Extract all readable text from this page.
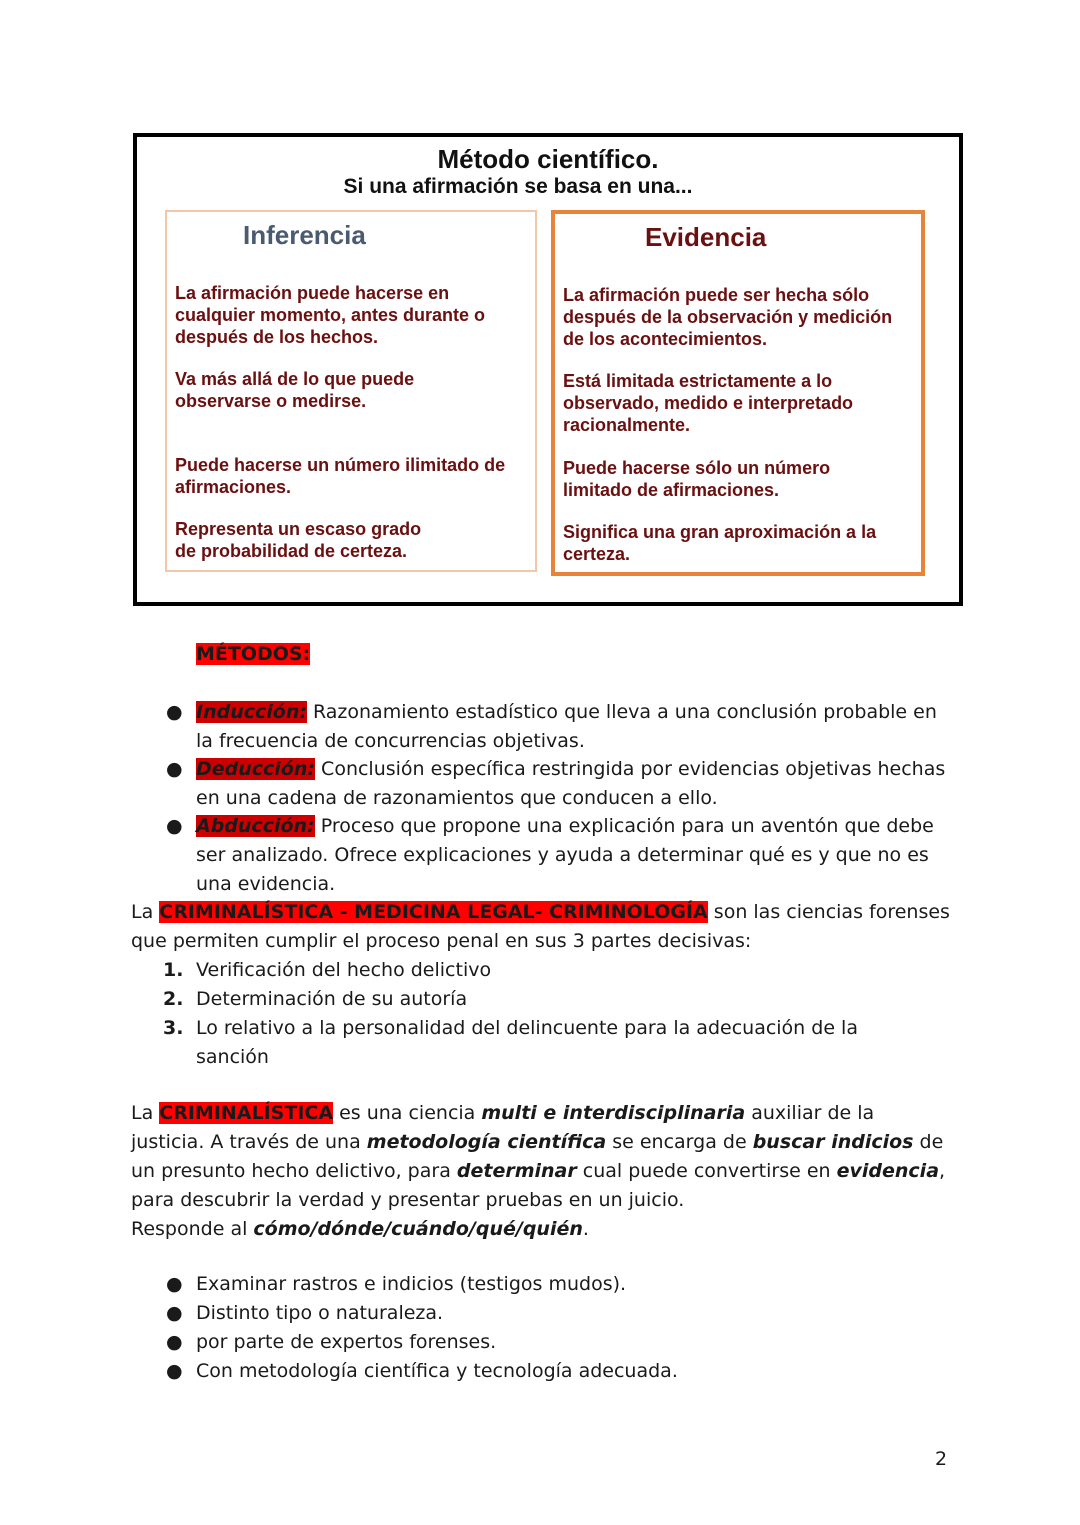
Método científico.
Si una afirmación se basa en una...
Inferencia

La afirmación puede hacerse en cualquier momento, antes durante o después de los hechos.

Va más allá de lo que puede observarse o medirse.

Puede hacerse un número ilimitado de afirmaciones.

Representa un escaso grado de probabilidad de certeza.

Evidencia

La afirmación puede ser hecha sólo después de la observación y medición de los acontecimientos.

Está limitada estrictamente a lo observado, medido e interpretado racionalmente.

Puede hacerse sólo un número limitado de afirmaciones.

Significa una gran aproximación a la certeza.

MÉTODOS:
● Inducción: Razonamiento estadístico que lleva a una conclusión probable en la frecuencia de concurrencias objetivas.
● Deducción: Conclusión específica restringida por evidencias objetivas hechas en una cadena de razonamientos que conducen a ello.
● Abducción: Proceso que propone una explicación para un aventón que debe ser analizado. Ofrece explicaciones y ayuda a determinar qué es y que no es una evidencia.
La CRIMINALÍSTICA - MEDICINA LEGAL- CRIMINOLOGÍA son las ciencias forenses que permiten cumplir el proceso penal en sus 3 partes decisivas:
1. Verificación del hecho delictivo
2. Determinación de su autoría
3. Lo relativo a la personalidad del delincuente para la adecuación de la sanción
La CRIMINALÍSTICA es una ciencia multi e interdisciplinaria auxiliar de la justicia. A través de una metodología científica se encarga de buscar indicios de un presunto hecho delictivo, para determinar cual puede convertirse en evidencia, para descubrir la verdad y presentar pruebas en un juicio.
Responde al cómo/dónde/cuándo/qué/quién.
● Examinar rastros e indicios (testigos mudos).
● Distinto tipo o naturaleza.
● por parte de expertos forenses.
● Con metodología científica y tecnología adecuada.
2
